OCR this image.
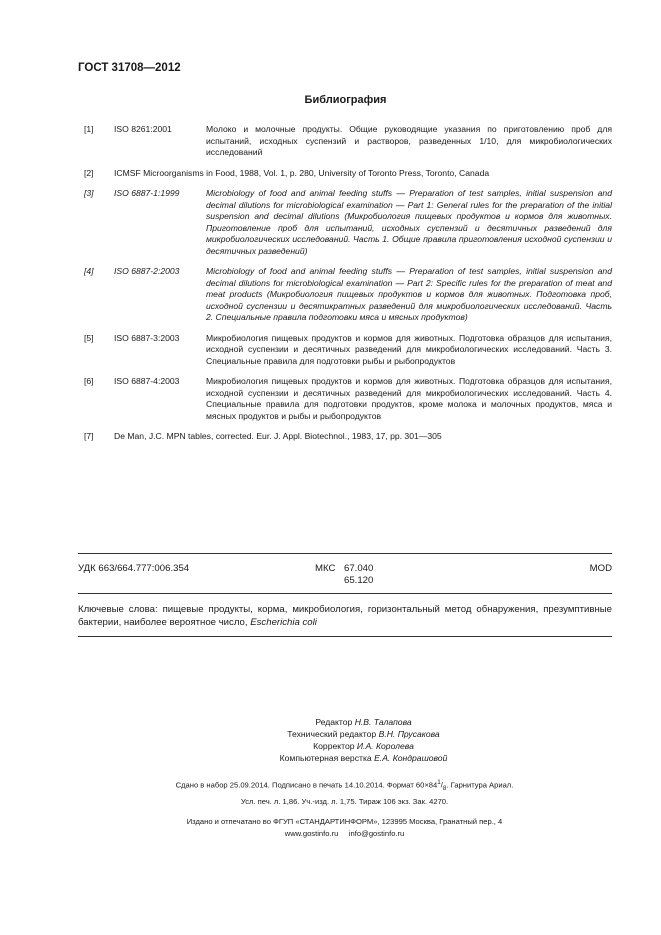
ГОСТ 31708—2012
Библиография
[1] ISO 8261:2001	Молоко и молочные продукты. Общие руководящие указания по приготовлению проб для испытаний, исходных суспензий и растворов, разведенных 1/10, для микробиологических исследований
[2] ICMSF Microorganisms in Food, 1988, Vol. 1, p. 280, University of Toronto Press, Toronto, Canada
[3] ISO 6887-1:1999	Microbiology of food and animal feeding stuffs — Preparation of test samples, initial suspension and decimal dilutions for microbiological examination — Part 1: General rules for the preparation of the initial suspension and decimal dilutions (Микробиология пищевых продуктов и кормов для животных. Приготовление проб для испытаний, исходных суспензий и десятичных разведений для микробиологических исследований. Часть 1. Общие правила приготовления исходной суспензии и десятичных разведений)
[4] ISO 6887-2:2003	Microbiology of food and animal feeding stuffs — Preparation of test samples, initial suspension and decimal dilutions for microbiological examination — Part 2: Specific rules for the preparation of meat and meat products (Микробиология пищевых продуктов и кормов для животных. Подготовка проб, исходной суспензии и десятикратных разведений для микробиологических исследований. Часть 2. Специальные правила подготовки мяса и мясных продуктов)
[5] ISO 6887-3:2003	Микробиология пищевых продуктов и кормов для животных. Подготовка образцов для испытания, исходной суспензии и десятичных разведений для микробиологических исследований. Часть 3. Специальные правила для подготовки рыбы и рыбопродуктов
[6] ISO 6887-4:2003	Микробиология пищевых продуктов и кормов для животных. Подготовка образцов для испытания, исходной суспензии и десятичных разведений для микробиологических исследований. Часть 4. Специальные правила для подготовки продуктов, кроме молока и молочных продуктов, мяса и мясных продуктов и рыбы и рыбопродуктов
[7] De Man, J.C. MPN tables, corrected. Eur. J. Appl. Biotechnol., 1983, 17, pp. 301—305
УДК 663/664.777:006.354	МКС 67.040
65.120
MOD
Ключевые слова: пищевые продукты, корма, микробиология, горизонтальный метод обнаружения, презумптивные бактерии, наиболее вероятное число, Escherichia coli
Редактор Н.В. Талапова
Технический редактор В.Н. Прусакова
Корректор И.А. Королева
Компьютерная верстка Е.А. Кондрашовой
Сдано в набор 25.09.2014. Подписано в печать 14.10.2014. Формат $60\times 84^1/_8$. Гарнитура Ариал.
Усл. печ. л. 1,86. Уч.-изд. л. 1,75. Тираж 106 экз. Зак. 4270.
Издано и отпечатано во ФГУП «СТАНДАРТИНФОРМ», 123995 Москва, Гранатный пер., 4
www.gostinfo.ru     info@gostinfo.ru
